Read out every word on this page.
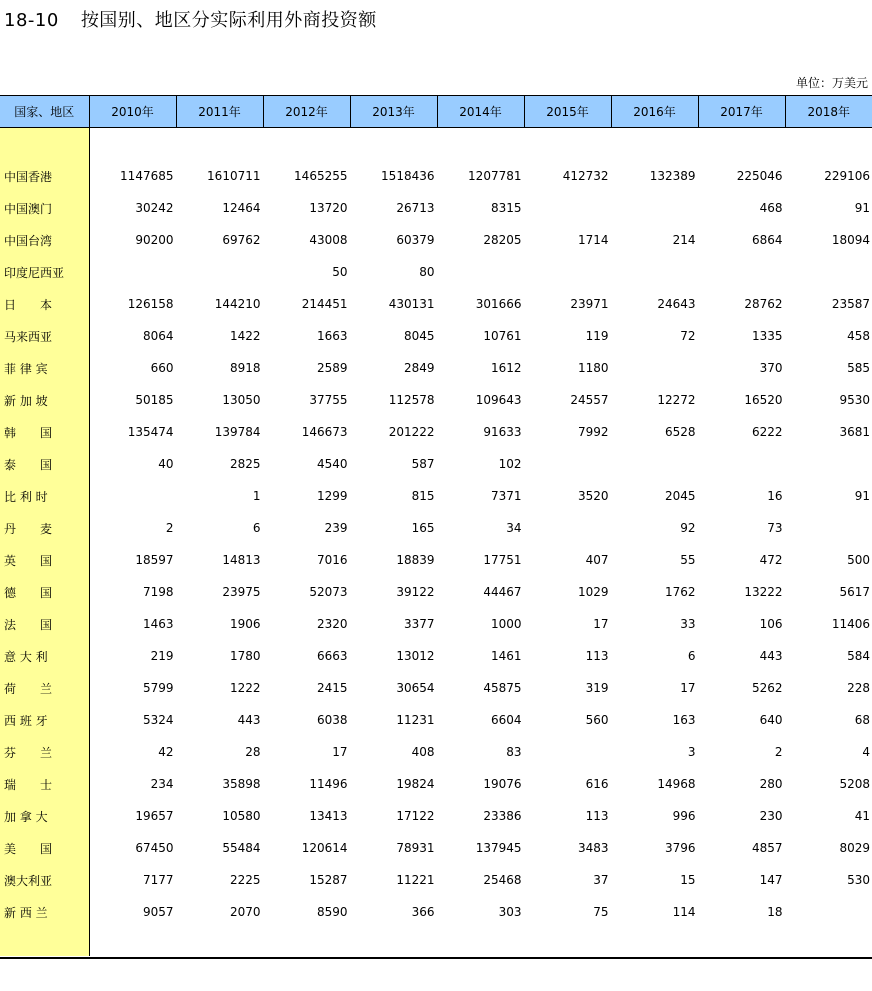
18-10 按国别、地区分实际利用外商投资额
单位：万美元
国家、地区	2010年	2011年	2012年	2013年	2014年	2015年	2016年	2017年	2018年

中国香港	1147685	1610711	1465255	1518436	1207781	412732	132389	225046	229106
中国澳门	30242	12464	13720	26713	8315			468	91
中国台湾	90200	69762	43008	60379	28205	1714	214	6864	18094
印度尼西亚			50	80					
日　　本	126158	144210	214451	430131	301666	23971	24643	28762	23587
马来西亚	8064	1422	1663	8045	10761	119	72	1335	458
菲 律 宾	660	8918	2589	2849	1612	1180		370	585
新 加 坡	50185	13050	37755	112578	109643	24557	12272	16520	9530
韩　　国	135474	139784	146673	201222	91633	7992	6528	6222	3681
泰　　国	40	2825	4540	587	102				
比 利 时		1	1299	815	7371	3520	2045	16	91
丹　　麦	2	6	239	165	34		92	73	
英　　国	18597	14813	7016	18839	17751	407	55	472	500
德　　国	7198	23975	52073	39122	44467	1029	1762	13222	5617
法　　国	1463	1906	2320	3377	1000	17	33	106	11406
意 大 利	219	1780	6663	13012	1461	113	6	443	584
荷　　兰	5799	1222	2415	30654	45875	319	17	5262	228
西 班 牙	5324	443	6038	11231	6604	560	163	640	68
芬　　兰	42	28	17	408	83		3	2	4
瑞　　士	234	35898	11496	19824	19076	616	14968	280	5208
加 拿 大	19657	10580	13413	17122	23386	113	996	230	41
美　　国	67450	55484	120614	78931	137945	3483	3796	4857	8029
澳大利亚	7177	2225	15287	11221	25468	37	15	147	530
新 西 兰	9057	2070	8590	366	303	75	114	18	
